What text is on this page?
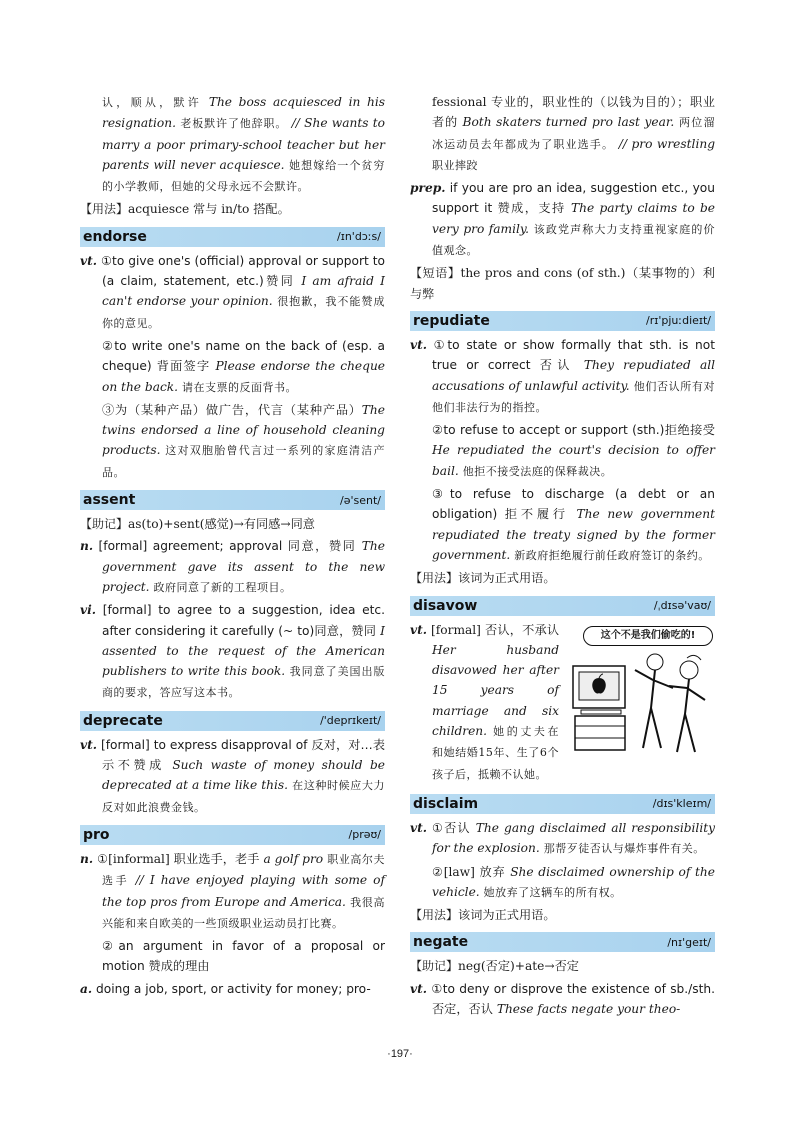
认，顺从，默许 The boss acquiesced in his resignation. 老板默许了他辞职。 // She wants to marry a poor primary-school teacher but her parents will never acquiesce. 她想嫁给一个贫穷的小学教师，但她的父母永远不会默许。

【用法】acquiesce 常与 in/to 搭配。

endorse	/ɪn'dɔːs/

vt. ①to give one's (official) approval or support to (a claim, statement, etc.)赞同 I am afraid I can't endorse your opinion. 很抱歉，我不能赞成你的意见。

②to write one's name on the back of (esp. a cheque) 背面签字 Please endorse the cheque on the back. 请在支票的反面背书。

③为（某种产品）做广告，代言（某种产品）The twins endorsed a line of household cleaning products. 这对双胞胎曾代言过一系列的家庭清洁产品。

assent	/ə'sent/

【助记】as(to)+sent(感觉)→有同感→同意

n. [formal] agreement; approval 同意，赞同 The government gave its assent to the new project. 政府同意了新的工程项目。

vi. [formal] to agree to a suggestion, idea etc. after considering it carefully (~ to)同意，赞同 I assented to the request of the American publishers to write this book. 我同意了美国出版商的要求，答应写这本书。

deprecate	/'deprɪkeɪt/

vt. [formal] to express disapproval of 反对，对…表示不赞成 Such waste of money should be deprecated at a time like this. 在这种时候应大力反对如此浪费金钱。

pro	/prəʊ/

n. ①[informal] 职业选手，老手 a golf pro 职业高尔夫选手 // I have enjoyed playing with some of the top pros from Europe and America. 我很高兴能和来自欧美的一些顶级职业运动员打比赛。

②an argument in favor of a proposal or motion 赞成的理由

a. doing a job, sport, or activity for money; pro-

fessional 专业的，职业性的（以钱为目的）；职业者的 Both skaters turned pro last year. 两位溜冰运动员去年都成为了职业选手。 // pro wrestling 职业摔跤

prep. if you are pro an idea, suggestion etc., you support it 赞成，支持 The party claims to be very pro family. 该政党声称大力支持重视家庭的价值观念。

【短语】the pros and cons (of sth.)（某事物的）利与弊

repudiate	/rɪ'pjuːdieɪt/

vt. ①to state or show formally that sth. is not true or correct 否认 They repudiated all accusations of unlawful activity. 他们否认所有对他们非法行为的指控。

②to refuse to accept or support (sth.)拒绝接受 He repudiated the court's decision to offer bail. 他拒不接受法庭的保释裁决。

③to refuse to discharge (a debt or an obligation) 拒不履行 The new government repudiated the treaty signed by the former government. 新政府拒绝履行前任政府签订的条约。

【用法】该词为正式用语。

disavow	/ˌdɪsə'vaʊ/
这个不是我们偷吃的!

vt. [formal] 否认，不承认 Her husband disavowed her after 15 years of marriage and six children. 她的丈夫在和她结婚15年、生了6个孩子后，抵赖不认她。

disclaim	/dɪs'kleɪm/

vt. ①否认 The gang disclaimed all responsibility for the explosion. 那帮歹徒否认与爆炸事件有关。

②[law] 放弃 She disclaimed ownership of the vehicle. 她放弃了这辆车的所有权。

【用法】该词为正式用语。

negate	/nɪ'geɪt/

【助记】neg(否定)+ate→否定

vt. ①to deny or disprove the existence of sb./sth.否定，否认 These facts negate your theo-

·197·
